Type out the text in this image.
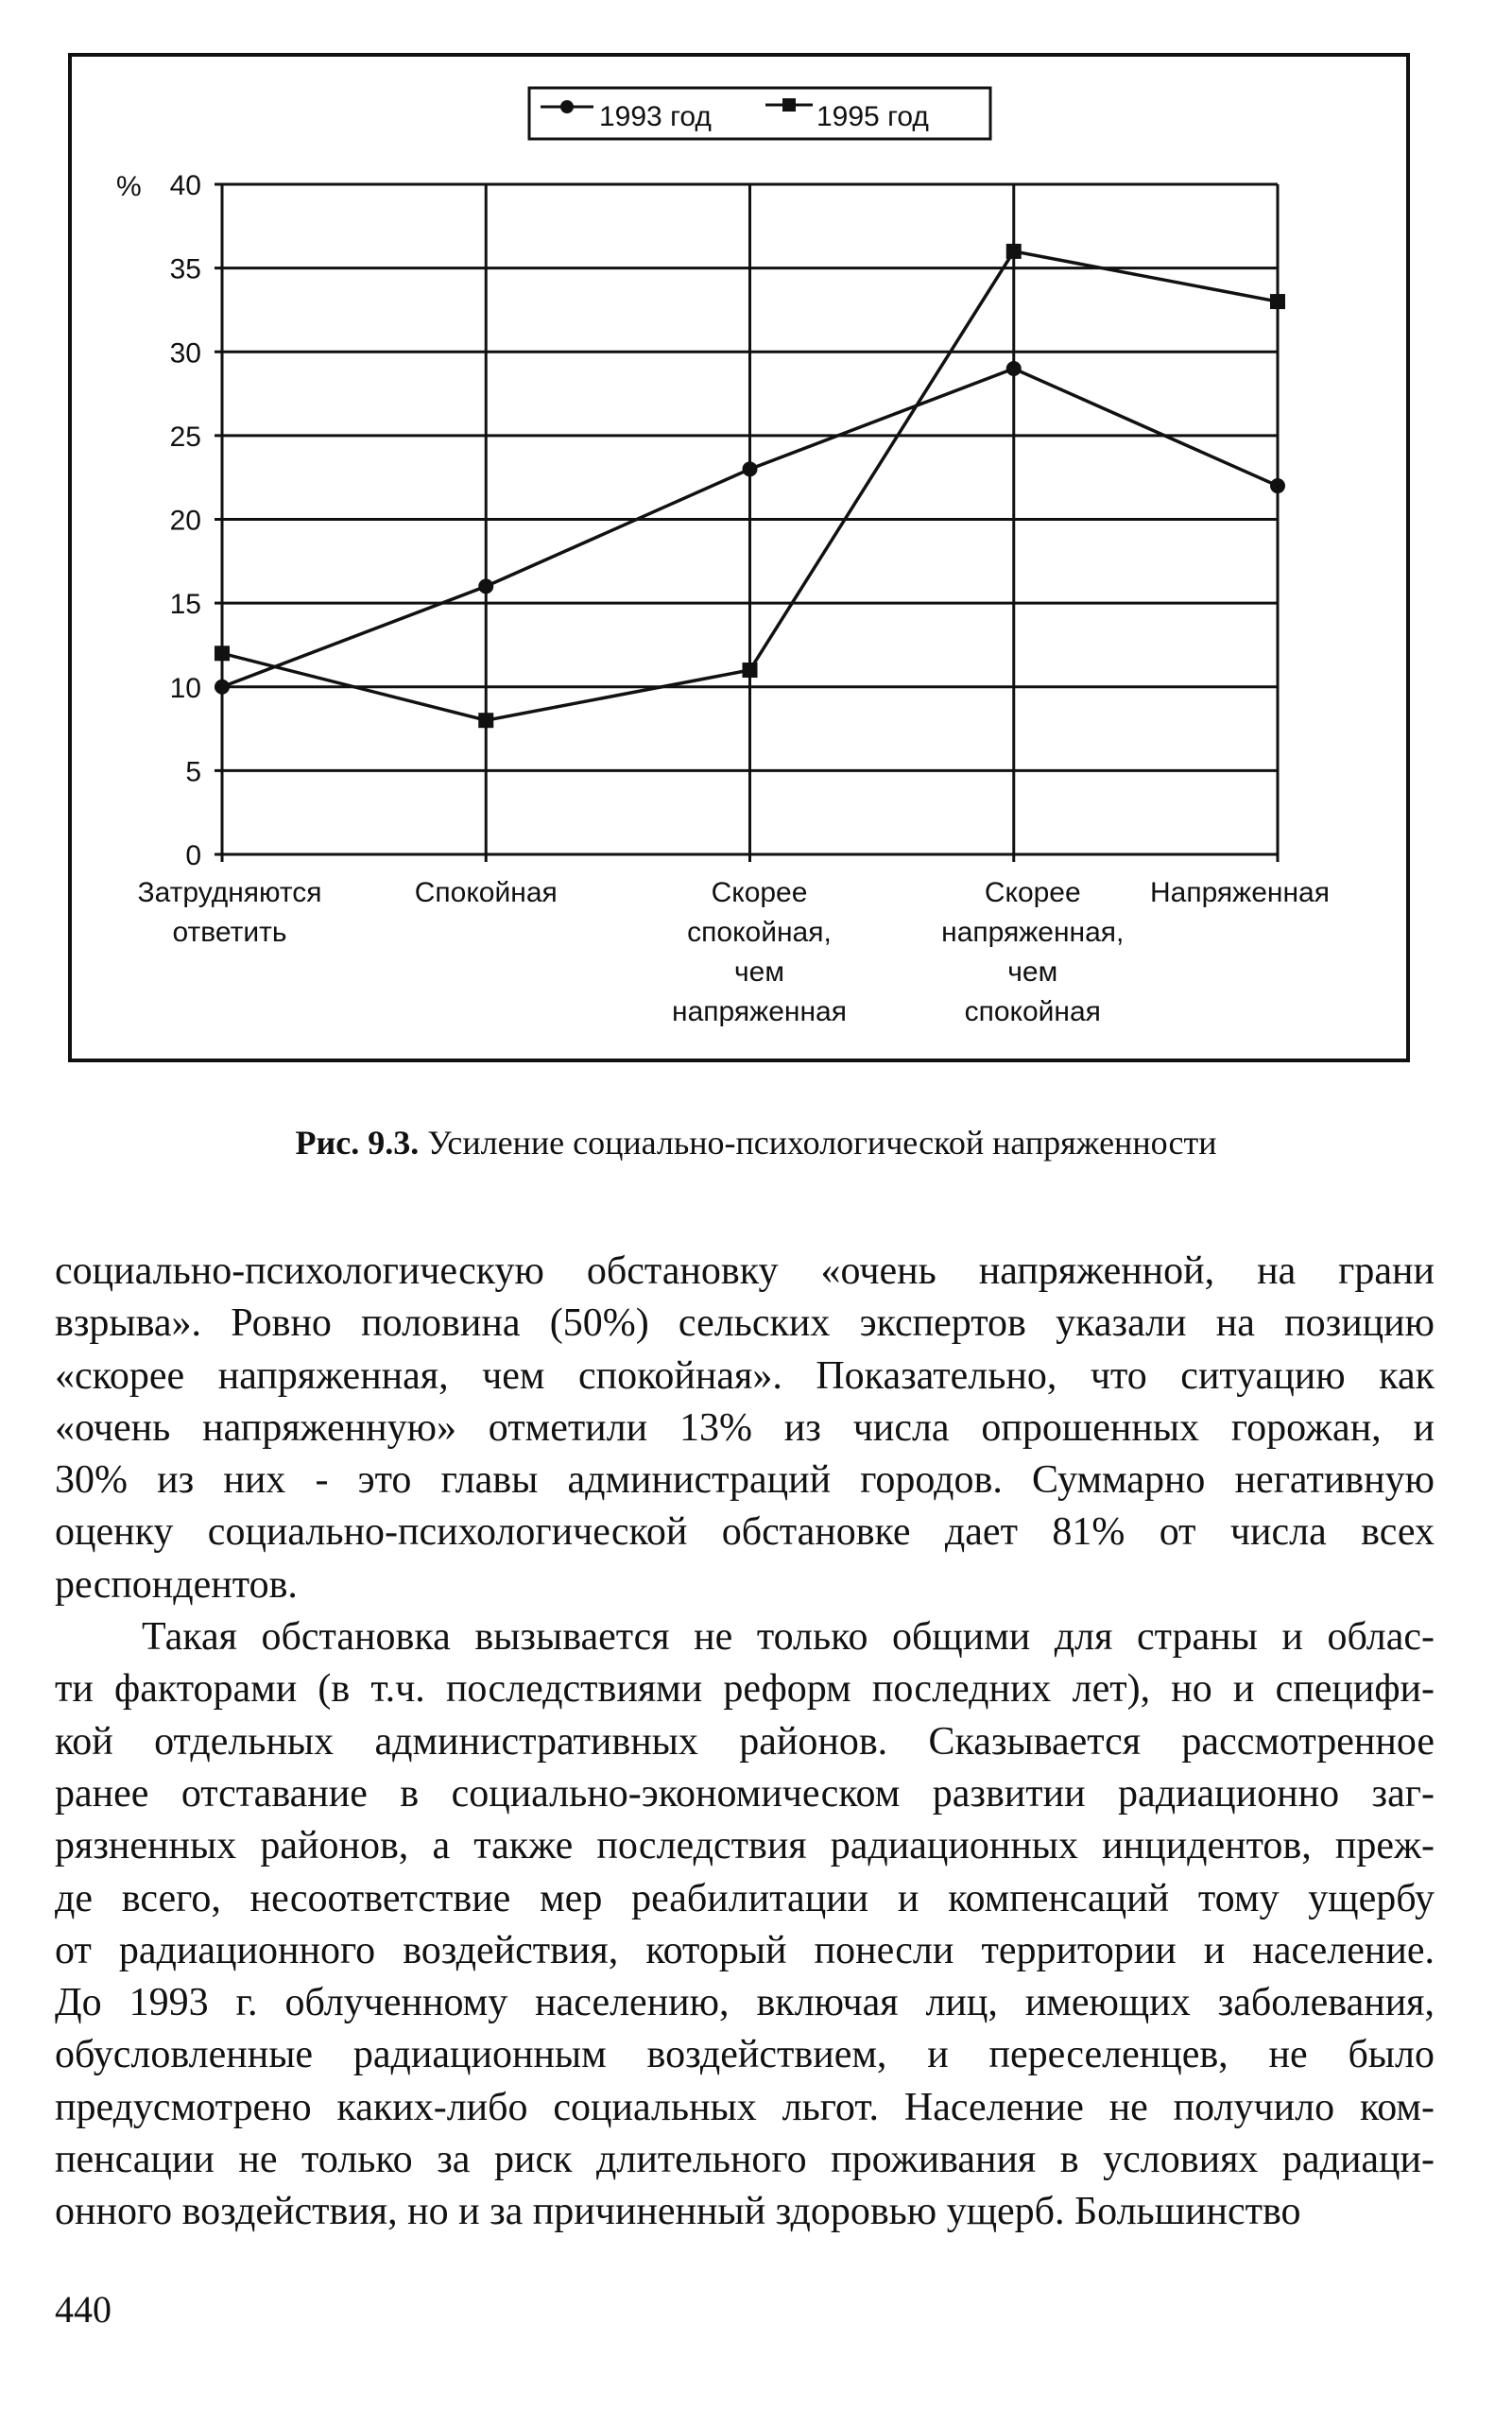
0
5
10
15
20
25
30
35
40
%
Затрудняются
ответить
Спокойная	Скорее
спокойная,
чем
напряженная
Скорее
напряженная,
чем
спокойная
Напряженная
1993 год	1995 год
Рис. 9.3. Усиление социально-психологической напряженности
социально-психологическую обстановку «очень напряженной, на грани
взрыва». Ровно половина (50%) сельских экспертов указали на позицию
«скорее напряженная, чем спокойная». Показательно, что ситуацию как
«очень напряженную» отметили 13% из числа опрошенных горожан, и
30% из них - это главы администраций городов. Суммарно негативную
оценку социально-психологической обстановке дает 81% от числа всех
респондентов.
Такая обстановка вызывается не только общими для страны и облас-
ти факторами (в т.ч. последствиями реформ последних лет), но и специфи-
кой отдельных административных районов. Сказывается рассмотренное
ранее отставание в социально-экономическом развитии радиационно заг-
рязненных районов, а также последствия радиационных инцидентов, преж-
де всего, несоответствие мер реабилитации и компенсаций тому ущербу
от радиационного воздействия, который понесли территории и население.
До 1993 г. облученному населению, включая лиц, имеющих заболевания,
обусловленные радиационным воздействием, и переселенцев, не было
предусмотрено каких-либо социальных льгот. Население не получило ком-
пенсации не только за риск длительного проживания в условиях радиаци-
онного воздействия, но и за причиненный здоровью ущерб. Большинство
440
